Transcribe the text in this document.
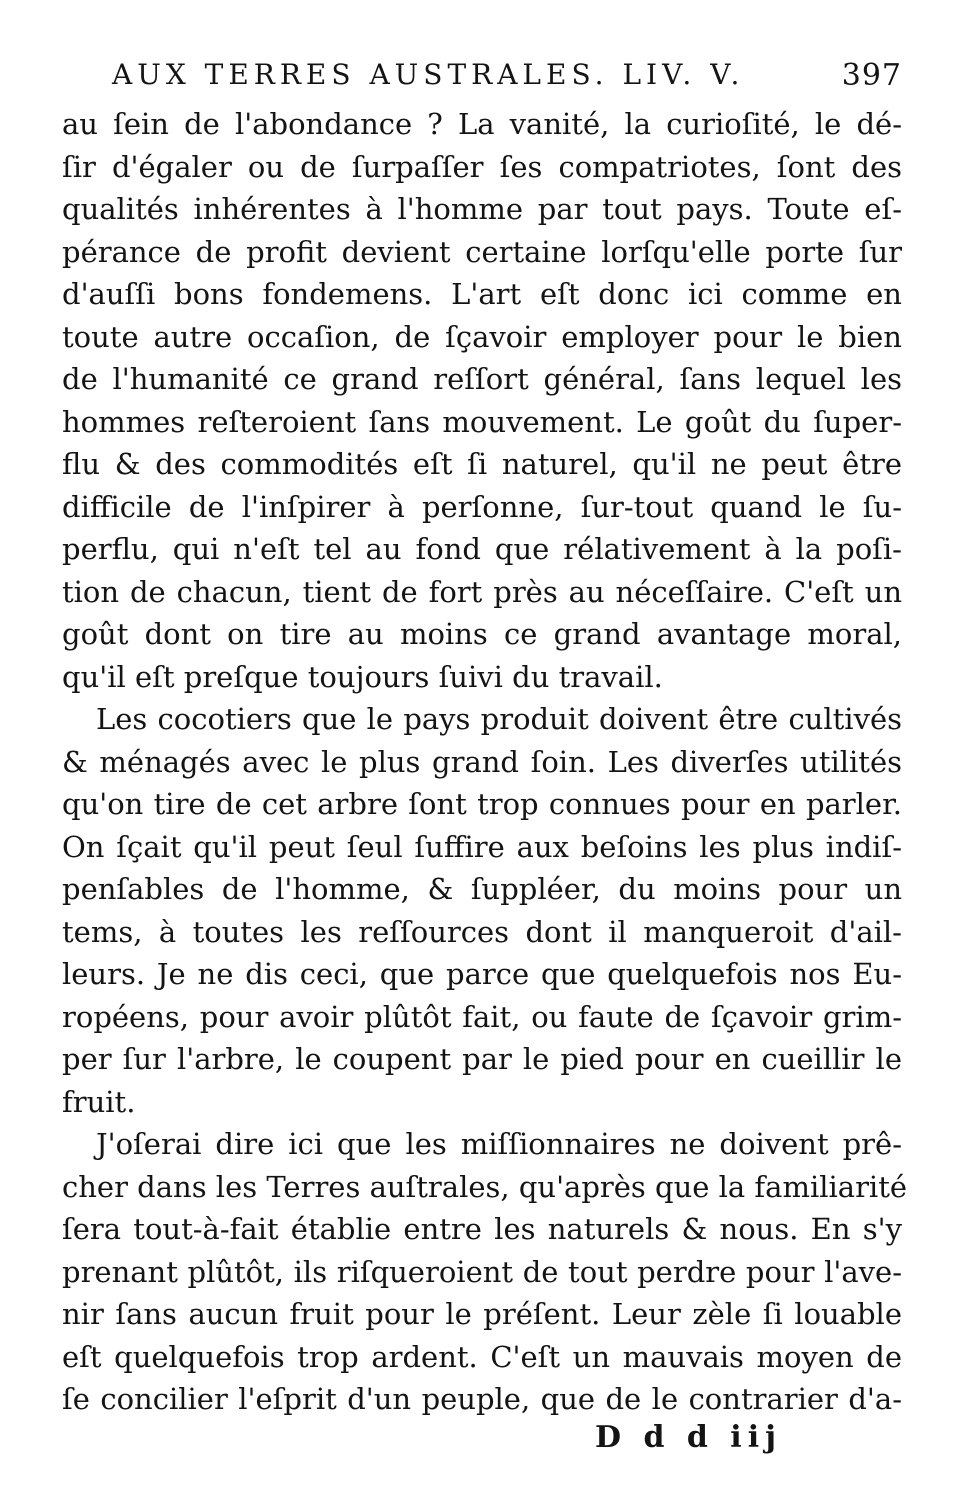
AUX TERRES AUSTRALES. LIV. V.	397
au ſein de l'abondance ? La vanité, la curioſité, le dé-
ſir d'égaler ou de ſurpaſſer ſes compatriotes, ſont des
qualités inhérentes à l'homme par tout pays. Toute eſ-
pérance de profit devient certaine lorſqu'elle porte ſur
d'auſſi bons fondemens. L'art eſt donc ici comme en
toute autre occaſion, de ſçavoir employer pour le bien
de l'humanité ce grand reſſort général, ſans lequel les
hommes reſteroient ſans mouvement. Le goût du ſuper-
flu & des commodités eſt ſi naturel, qu'il ne peut être
difficile de l'inſpirer à perſonne, ſur-tout quand le ſu-
perflu, qui n'eſt tel au fond que rélativement à la poſi-
tion de chacun, tient de fort près au néceſſaire. C'eſt un
goût dont on tire au moins ce grand avantage moral,
qu'il eſt preſque toujours ſuivi du travail.
Les cocotiers que le pays produit doivent être cultivés
& ménagés avec le plus grand ſoin. Les diverſes utilités
qu'on tire de cet arbre ſont trop connues pour en parler.
On ſçait qu'il peut ſeul ſuffire aux beſoins les plus indiſ-
penſables de l'homme, & ſuppléer, du moins pour un
tems, à toutes les reſſources dont il manqueroit d'ail-
leurs. Je ne dis ceci, que parce que quelquefois nos Eu-
ropéens, pour avoir plûtôt fait, ou faute de ſçavoir grim-
per ſur l'arbre, le coupent par le pied pour en cueillir le
fruit.
J'oſerai dire ici que les miſſionnaires ne doivent prê-
cher dans les Terres auſtrales, qu'après que la familiarité
ſera tout-à-fait établie entre les naturels & nous. En s'y
prenant plûtôt, ils riſqueroient de tout perdre pour l'ave-
nir ſans aucun fruit pour le préſent. Leur zèle ſi louable
eſt quelquefois trop ardent. C'eſt un mauvais moyen de
ſe concilier l'eſprit d'un peuple, que de le contrarier d'a-
D d d iij
